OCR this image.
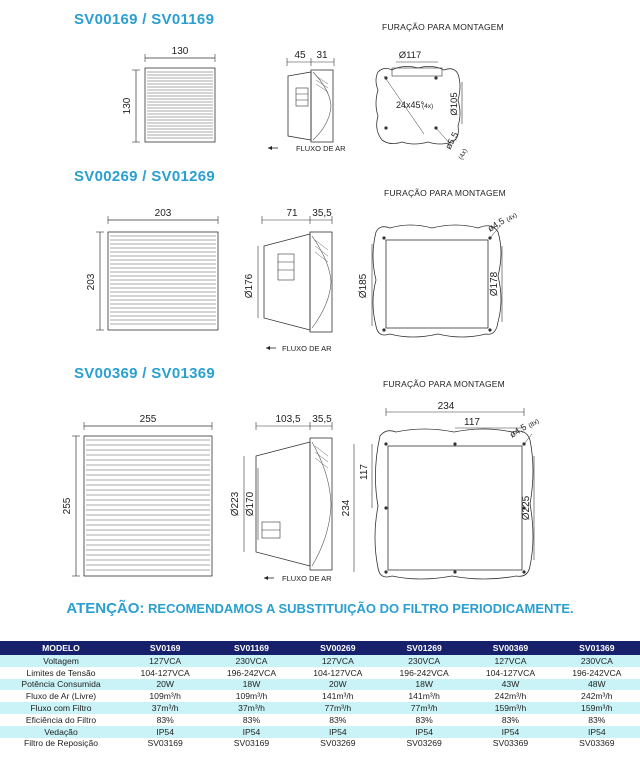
SV00169 / SV01169	FURAÇÃO PARA MONTAGEM
130
130
45 31
FLUXO DE AR
Ø117
Ø105
24x45°
(4x)
ø5,5
(4x)
SV00269 / SV01269
FURAÇÃO PARA MONTAGEM
203
203
71 35,5
Ø176
FLUXO DE AR
Ø185	Ø178
ø4,5 (4x)
SV00369 / SV01369
FURAÇÃO PARA MONTAGEM
255
255
103,5 35,5
Ø223 Ø170
FLUXO DE AR
234
117
234
117
Ø225
ø4,5 (8x)
ATENÇÃO: RECOMENDAMOS A SUBSTITUIÇÃO DO FILTRO PERIODICAMENTE.
MODELO	SV0169	SV01169	SV00269	SV01269	SV00369	SV01369
Voltagem	127VCA	230VCA	127VCA	230VCA	127VCA	230VCA
Limites de Tensão	104-127VCA	196-242VCA	104-127VCA	196-242VCA	104-127VCA	196-242VCA
Potência Consumida	20W	18W	20W	18W	43W	48W
Fluxo de Ar (Livre)	109m³/h	109m³/h	141m³/h	141m³/h	242m³/h	242m³/h
Fluxo com Filtro	37m³/h	37m³/h	77m³/h	77m³/h	159m³/h	159m³/h
Eficiência do Filtro	83%	83%	83%	83%	83%	83%
Vedação	IP54	IP54	IP54	IP54	IP54	IP54
Filtro de Reposição	SV03169	SV03169	SV03269	SV03269	SV03369	SV03369
